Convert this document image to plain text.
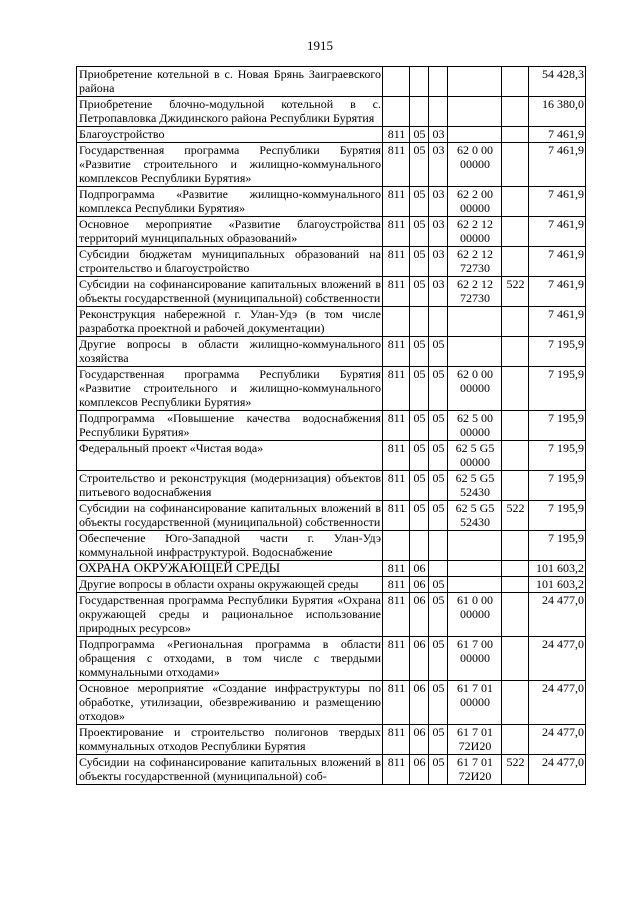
1915
Приобретение котельной в с. Новая Брянь Заиграевского района						54 428,3
Приобретение блочно-модульной котельной в с. Петропавловка Джидинского района Республики Бурятия						16 380,0
Благоустройство	811	05	03			7 461,9
Государственная программа Республики Бурятия «Развитие строительного и жилищно-коммунального комплексов Республики Бурятия»	811	05	03	62 0 00 00000		7 461,9
Подпрограмма «Развитие жилищно-коммунального комплекса Республики Бурятия»	811	05	03	62 2 00 00000		7 461,9
Основное мероприятие «Развитие благоустройства территорий муниципальных образований»	811	05	03	62 2 12 00000		7 461,9
Субсидии бюджетам муниципальных образований на строительство и благоустройство	811	05	03	62 2 12 72730		7 461,9
Субсидии на софинансирование капитальных вложений в объекты государственной (муниципальной) собственности	811	05	03	62 2 12 72730	522	7 461,9
Реконструкция набережной г. Улан-Удэ (в том числе разработка проектной и рабочей документации)						7 461,9
Другие вопросы в области жилищно-коммунального хозяйства	811	05	05			7 195,9
Государственная программа Республики Бурятия «Развитие строительного и жилищно-коммунального комплексов Республики Бурятия»	811	05	05	62 0 00 00000		7 195,9
Подпрограмма «Повышение качества водоснабжения Республики Бурятия»	811	05	05	62 5 00 00000		7 195,9
Федеральный проект «Чистая вода»	811	05	05	62 5 G5 00000		7 195,9
Строительство и реконструкция (модернизация) объектов питьевого водоснабжения	811	05	05	62 5 G5 52430		7 195,9
Субсидии на софинансирование капитальных вложений в объекты государственной (муниципальной) собственности	811	05	05	62 5 G5 52430	522	7 195,9
Обеспечение Юго-Западной части г. Улан-Удэ коммунальной инфраструктурой. Водоснабжение						7 195,9
ОХРАНА ОКРУЖАЮЩЕЙ СРЕДЫ	811	06				101 603,2
Другие вопросы в области охраны окружающей среды	811	06	05			101 603,2
Государственная программа Республики Бурятия «Охрана окружающей среды и рациональное использование природных ресурсов»	811	06	05	61 0 00 00000		24 477,0
Подпрограмма «Региональная программа в области обращения с отходами, в том числе с твердыми коммунальными отходами»	811	06	05	61 7 00 00000		24 477,0
Основное мероприятие «Создание инфраструктуры по обработке, утилизации, обезвреживанию и размещению отходов»	811	06	05	61 7 01 00000		24 477,0
Проектирование и строительство полигонов твердых коммунальных отходов Республики Бурятия	811	06	05	61 7 01 72И20		24 477,0
Субсидии на софинансирование капитальных вложений в объекты государственной (муниципальной) соб-	811	06	05	61 7 01 72И20	522	24 477,0
